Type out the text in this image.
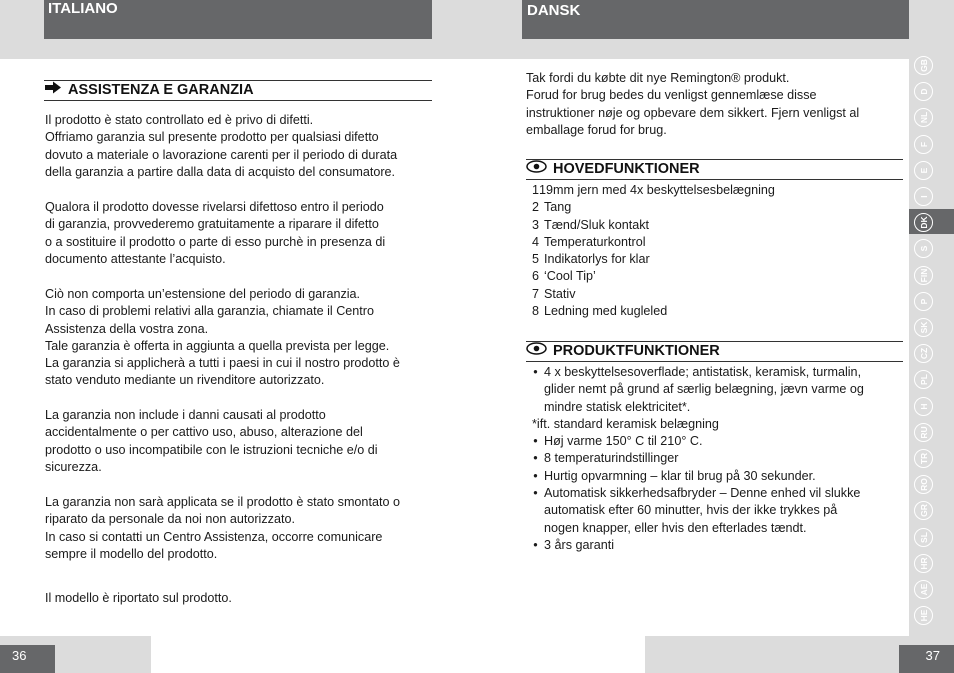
ITALIANO	DANSK
GB
D
NL
F
E
I
DK
S
FIN
P
SK
CZ
PL
H
RU
TR
RO
GR
SL
HR
AE
HE
ASSISTENZA E GARANZIA

Il prodotto è stato controllato ed è privo di difetti.

Offriamo garanzia sul presente prodotto per qualsiasi difetto

dovuto a materiale o lavorazione carenti per il periodo di durata

della garanzia a partire dalla data di acquisto del consumatore.

Qualora il prodotto dovesse rivelarsi difettoso entro il periodo

di garanzia, provvederemo gratuitamente a riparare il difetto

o a sostituire il prodotto o parte di esso purchè in presenza di

documento attestante l’acquisto.

Ciò non comporta un’estensione del periodo di garanzia.

In caso di problemi relativi alla garanzia, chiamate il Centro

Assistenza della vostra zona.

Tale garanzia è offerta in aggiunta a quella prevista per legge.

La garanzia si applicherà a tutti i paesi in cui il nostro prodotto è

stato venduto mediante un rivenditore autorizzato.

La garanzia non include i danni causati al prodotto

accidentalmente o per cattivo uso, abuso, alterazione del

prodotto o uso incompatibile con le istruzioni tecniche e/o di

sicurezza.

La garanzia non sarà applicata se il prodotto è stato smontato o

riparato da personale da noi non autorizzato.

In caso si contatti un Centro Assistenza, occorre comunicare

sempre il modello del prodotto.

Il modello è riportato sul prodotto.

Tak fordi du købte dit nye Remington® produkt.

Forud for brug bedes du venligst gennemlæse disse

instruktioner nøje og opbevare dem sikkert. Fjern venligst al

emballage forud for brug.

HOVEDFUNKTIONER
1 19mm jern med 4x beskyttelsesbelægning
2 Tang
3 Tænd/Sluk kontakt
4 Temperaturkontrol
5 Indikatorlys for klar
6 ‘Cool Tip’
7 Stativ
8 Ledning med kugleled
PRODUKTFUNKTIONER
• 4 x beskyttelsesoverflade; antistatisk, keramisk, turmalin,
glider nemt på grund af særlig belægning, jævn varme og
mindre statisk elektricitet*.
*ift. standard keramisk belægning
• Høj varme 150° C til 210° C.
• 8 temperaturindstillinger
• Hurtig opvarmning – klar til brug på 30 sekunder.
• Automatisk sikkerhedsafbryder – Denne enhed vil slukke
automatisk efter 60 minutter, hvis der ikke trykkes på
nogen knapper, eller hvis den efterlades tændt.
• 3 års garanti
36	37
